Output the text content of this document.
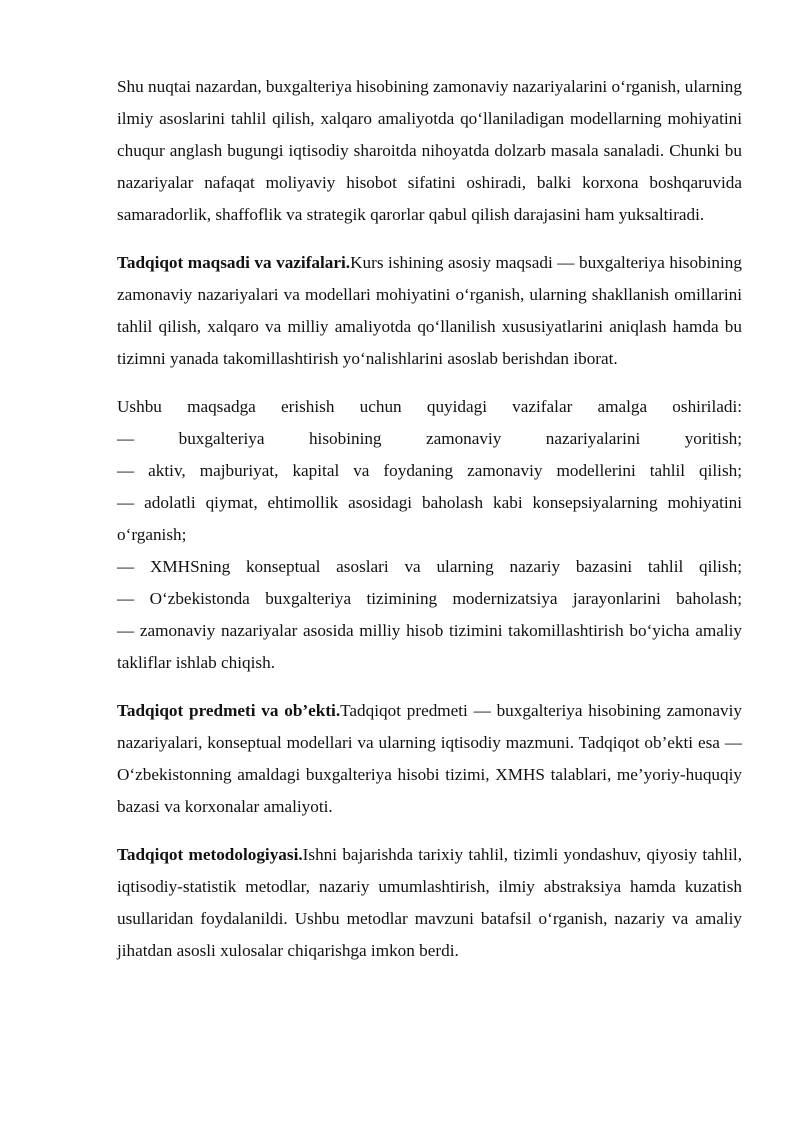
Shu nuqtai nazardan, buxgalteriya hisobining zamonaviy nazariyalarini o‘rganish, ularning ilmiy asoslarini tahlil qilish, xalqaro amaliyotda qo‘llaniladigan modellarning mohiyatini chuqur anglash bugungi iqtisodiy sharoitda nihoyatda dolzarb masala sanaladi. Chunki bu nazariyalar nafaqat moliyaviy hisobot sifatini oshiradi, balki korxona boshqaruvida samaradorlik, shaffoflik va strategik qarorlar qabul qilish darajasini ham yuksaltiradi.

Tadqiqot maqsadi va vazifalari.Kurs ishining asosiy maqsadi — buxgalteriya hisobining zamonaviy nazariyalari va modellari mohiyatini o‘rganish, ularning shakllanish omillarini tahlil qilish, xalqaro va milliy amaliyotda qo‘llanilish xususiyatlarini aniqlash hamda bu tizimni yanada takomillashtirish yo‘nalishlarini asoslab berishdan iborat.

Ushbu maqsadga erishish uchun quyidagi vazifalar amalga oshiriladi:
— buxgalteriya hisobining zamonaviy nazariyalarini yoritish;
— aktiv, majburiyat, kapital va foydaning zamonaviy modellerini tahlil qilish;
— adolatli qiymat, ehtimollik asosidagi baholash kabi konsepsiyalarning mohiyatini o‘rganish;
— XMHSning konseptual asoslari va ularning nazariy bazasini tahlil qilish;
— O‘zbekistonda buxgalteriya tizimining modernizatsiya jarayonlarini baholash;
— zamonaviy nazariyalar asosida milliy hisob tizimini takomillashtirish bo‘yicha amaliy takliflar ishlab chiqish.

Tadqiqot predmeti va ob’ekti.Tadqiqot predmeti — buxgalteriya hisobining zamonaviy nazariyalari, konseptual modellari va ularning iqtisodiy mazmuni. Tadqiqot ob’ekti esa — O‘zbekistonning amaldagi buxgalteriya hisobi tizimi, XMHS talablari, me’yoriy-huquqiy bazasi va korxonalar amaliyoti.

Tadqiqot metodologiyasi.Ishni bajarishda tarixiy tahlil, tizimli yondashuv, qiyosiy tahlil, iqtisodiy-statistik metodlar, nazariy umumlashtirish, ilmiy abstraksiya hamda kuzatish usullaridan foydalanildi. Ushbu metodlar mavzuni batafsil o‘rganish, nazariy va amaliy jihatdan asosli xulosalar chiqarishga imkon berdi.
